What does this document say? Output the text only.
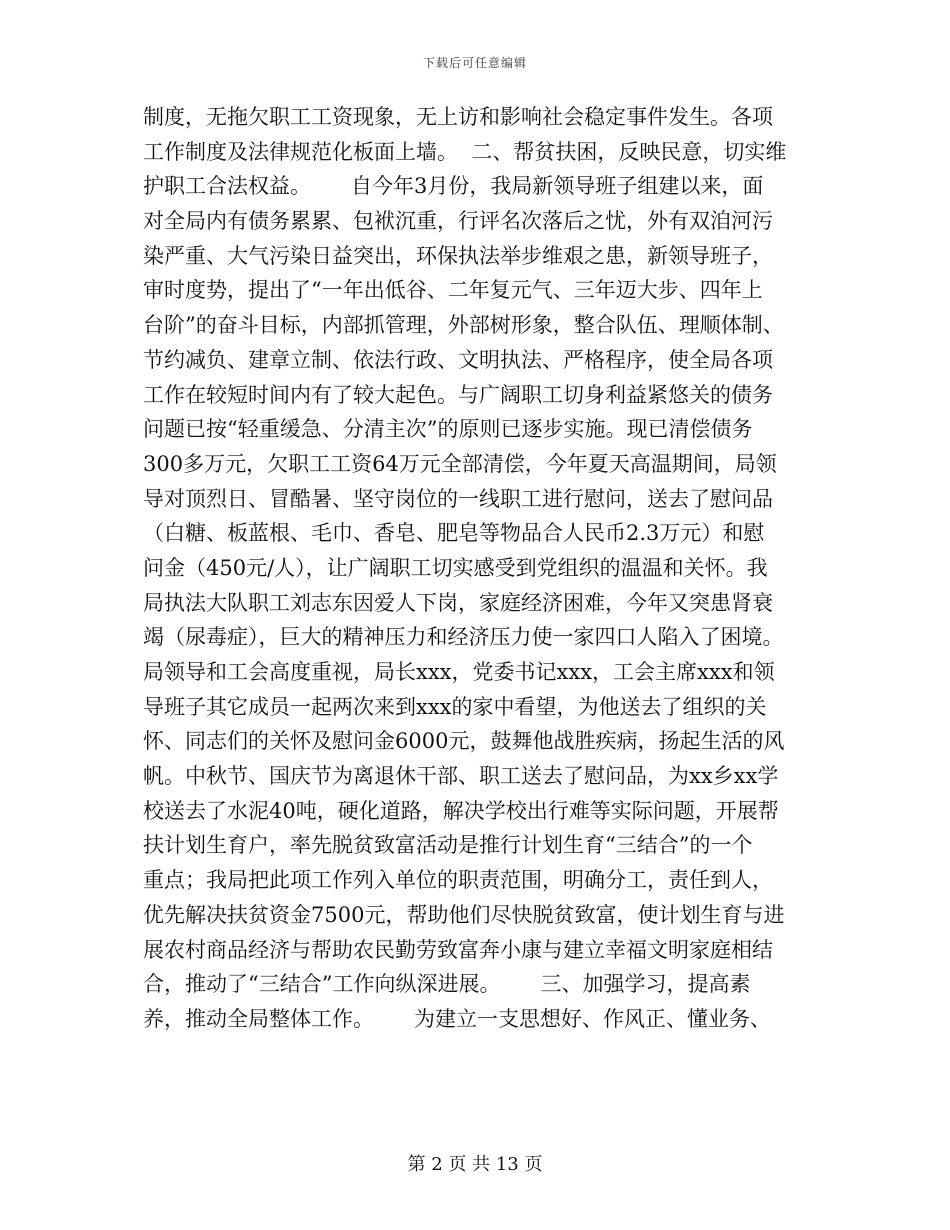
下载后可任意编辑
制度，无拖欠职工工资现象，无上访和影响社会稳定事件发生。各项
工作制度及法律规范化板面上墙。  二、帮贫扶困，反映民意，切实维
护职工合法权益。      自今年3月份，我局新领导班子组建以来，面
对全局内有债务累累、包袱沉重，行评名次落后之忧，外有双洎河污
染严重、大气污染日益突出，环保执法举步维艰之患，新领导班子，
审时度势，提出了“一年出低谷、二年复元气、三年迈大步、四年上
台阶”的奋斗目标，内部抓管理，外部树形象，整合队伍、理顺体制、
节约减负、建章立制、依法行政、文明执法、严格程序，使全局各项
工作在较短时间内有了较大起色。与广阔职工切身利益紧悠关的债务
问题已按“轻重缓急、分清主次”的原则已逐步实施。现已清偿债务
300多万元，欠职工工资64万元全部清偿，今年夏天高温期间，局领
导对顶烈日、冒酷暑、坚守岗位的一线职工进行慰问，送去了慰问品
（白糖、板蓝根、毛巾、香皂、肥皂等物品合人民币2.3万元）和慰
问金（450元/人），让广阔职工切实感受到党组织的温温和关怀。我
局执法大队职工刘志东因爱人下岗，家庭经济困难，今年又突患肾衰
竭（尿毒症），巨大的精神压力和经济压力使一家四口人陷入了困境。
局领导和工会高度重视，局长xxx，党委书记xxx，工会主席xxx和领
导班子其它成员一起两次来到xxx的家中看望，为他送去了组织的关
怀、同志们的关怀及慰问金6000元，鼓舞他战胜疾病，扬起生活的风
帆。中秋节、国庆节为离退休干部、职工送去了慰问品，为xx乡xx学
校送去了水泥40吨，硬化道路，解决学校出行难等实际问题，开展帮
扶计划生育户，率先脱贫致富活动是推行计划生育“三结合”的一个
重点；我局把此项工作列入单位的职责范围，明确分工，责任到人，
优先解决扶贫资金7500元，帮助他们尽快脱贫致富，使计划生育与进
展农村商品经济与帮助农民勤劳致富奔小康与建立幸福文明家庭相结
合，推动了“三结合”工作向纵深进展。      三、加强学习，提高素
养，推动全局整体工作。      为建立一支思想好、作风正、懂业务、
第 2 页 共 13 页
